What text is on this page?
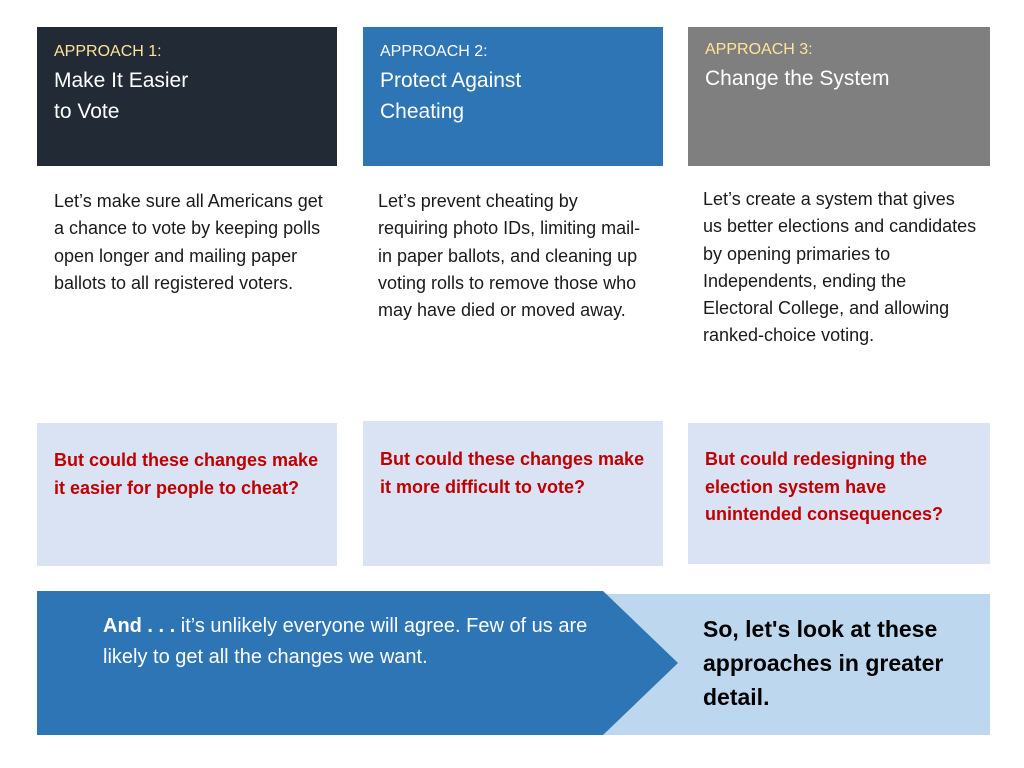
APPROACH 1:
Make It Easier
to Vote
APPROACH 2:
Protect Against
Cheating
APPROACH 3:
Change the System
Let’s make sure all Americans get a chance to vote by keeping polls open longer and mailing paper ballots to all registered voters.
Let’s prevent cheating by requiring photo IDs, limiting mail-in paper ballots, and cleaning up voting rolls to remove those who may have died or moved away.
Let’s create a system that gives us better elections and candidates by opening primaries to Independents, ending the Electoral College, and allowing ranked-choice voting.
But could these changes make it easier for people to cheat?
But could these changes make it more difficult to vote?
But could redesigning the election system have unintended consequences?
And . . . it’s unlikely everyone will agree. Few of us are likely to get all the changes we want.
So, let's look at these approaches in greater detail.
